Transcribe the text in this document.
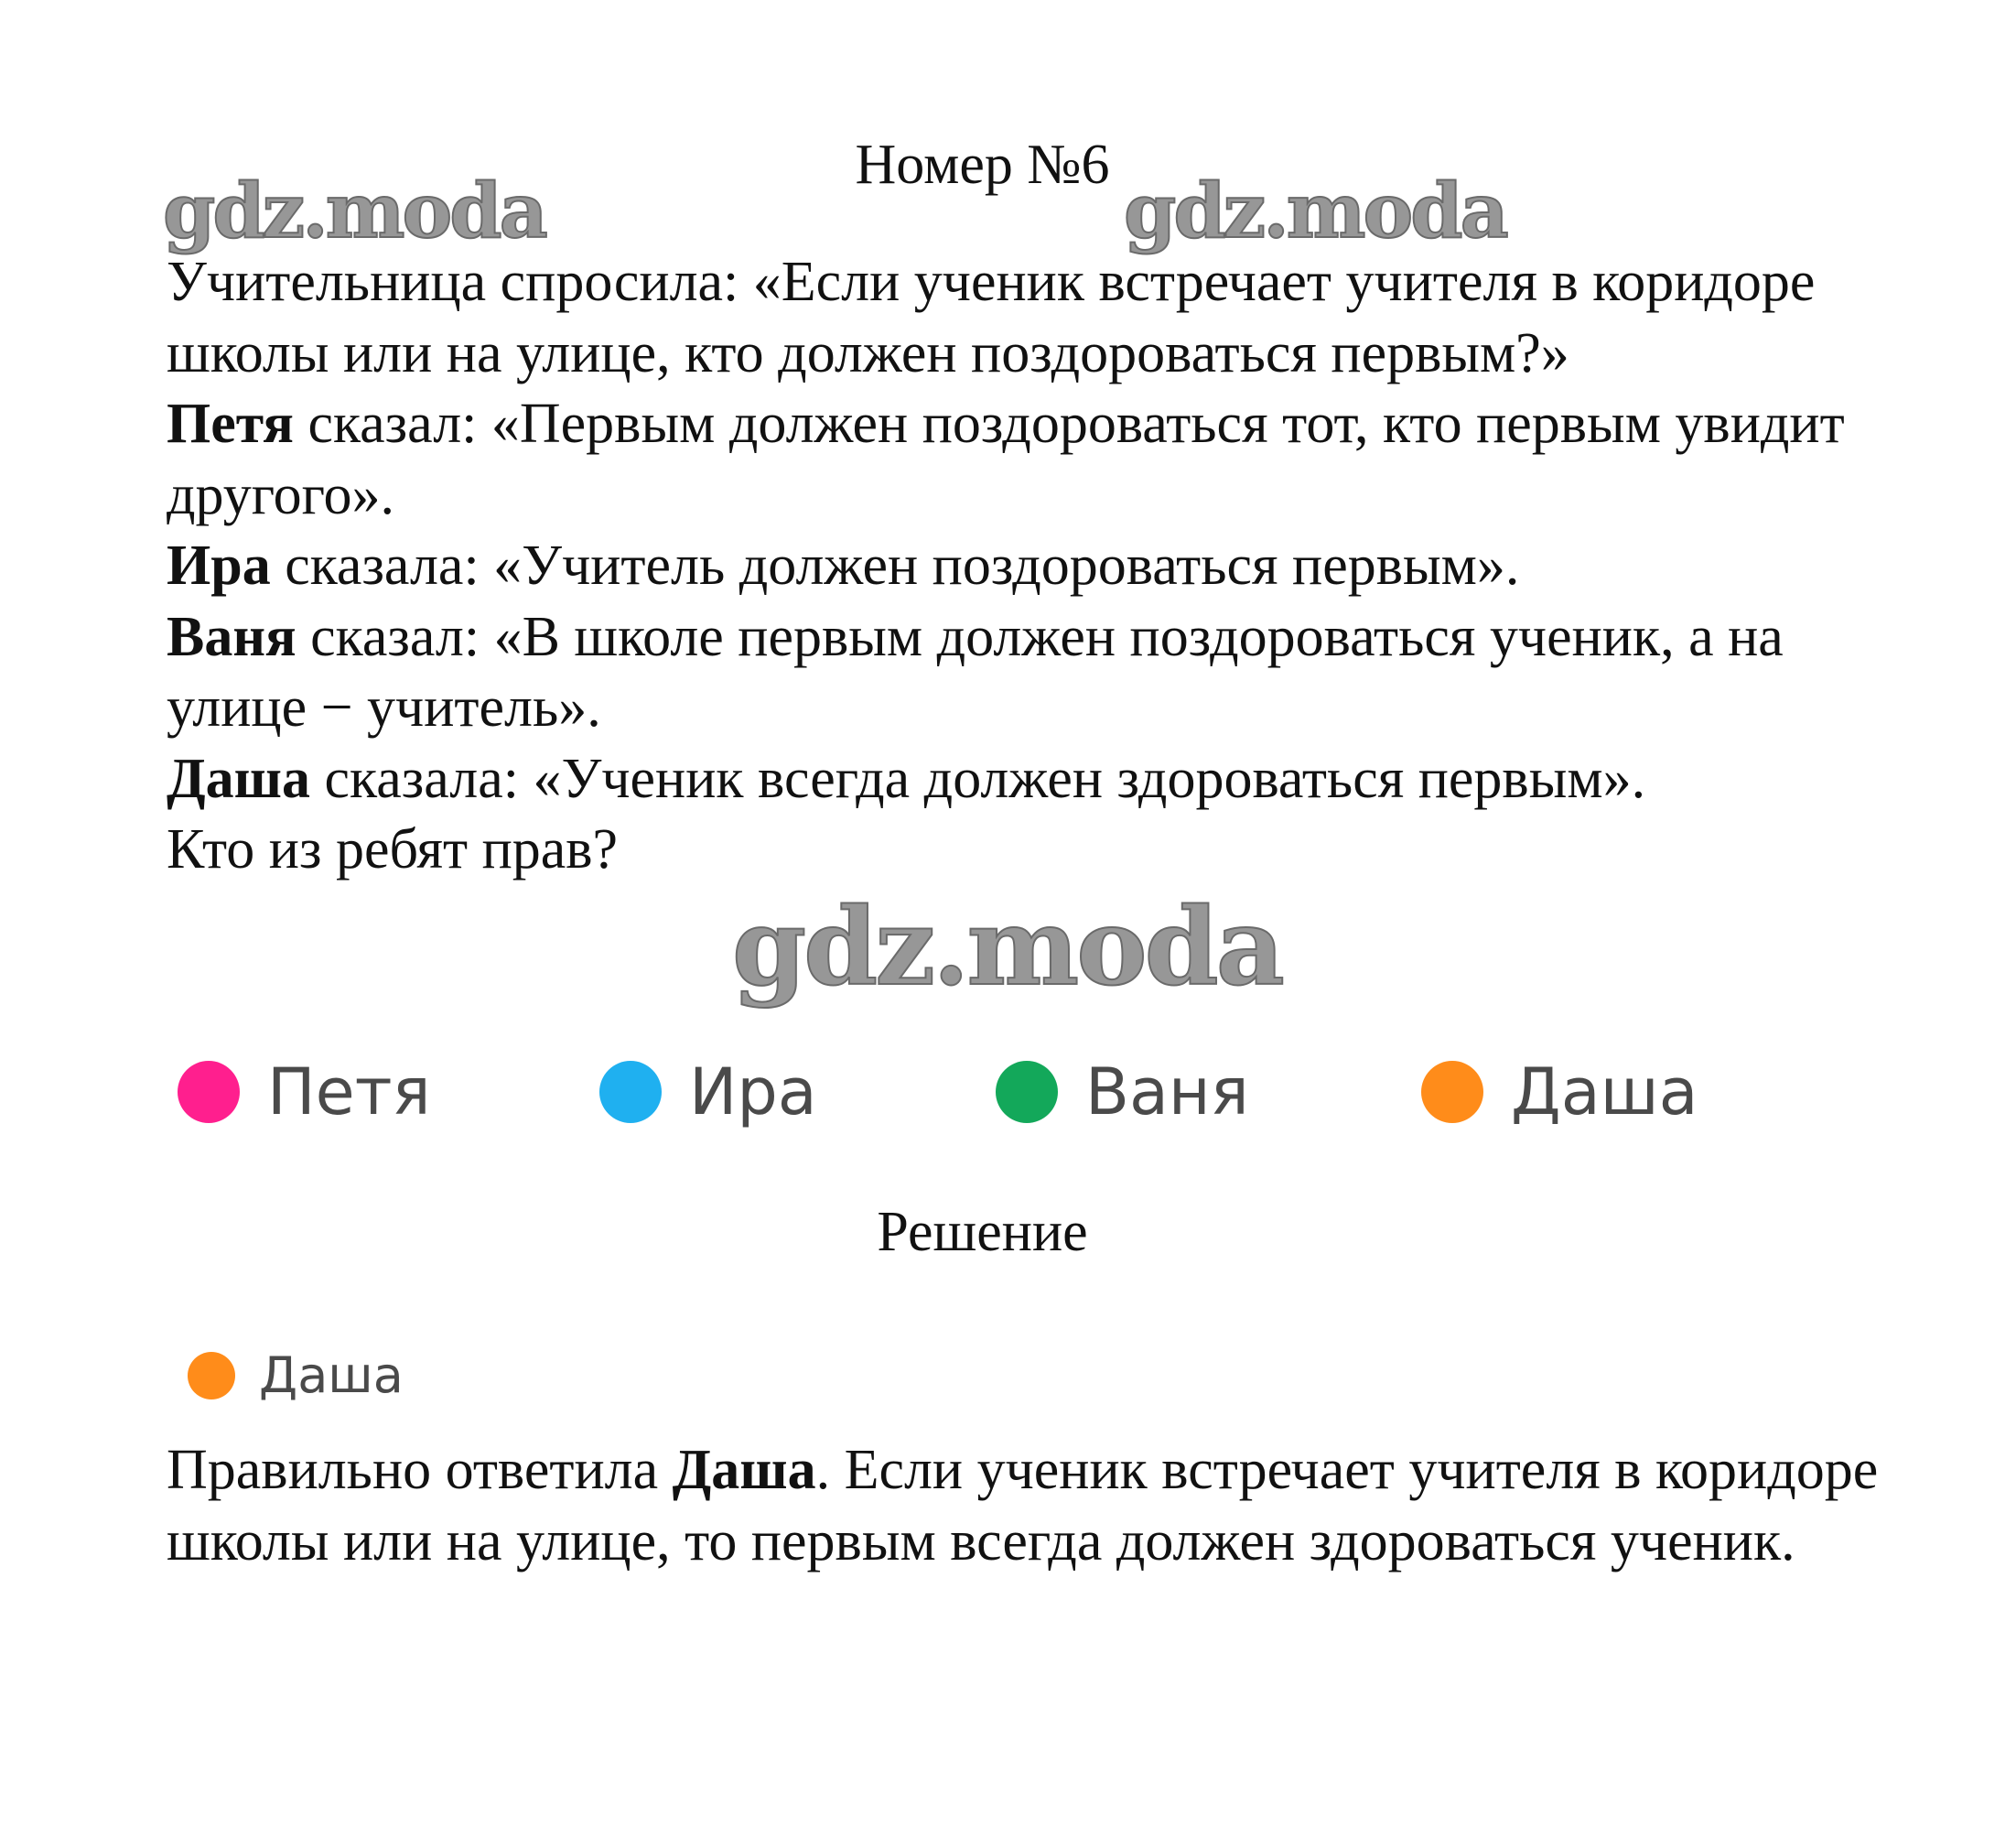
Номер №6
gdz.moda	gdz.moda

Учительница спросила: «Если ученик встречает учителя в коридоре школы или на улице, кто должен поздороваться первым?»

Петя сказал: «Первым должен поздороваться тот, кто первым увидит другого».

Ира сказала: «Учитель должен поздороваться первым».

Ваня сказал: «В школе первым должен поздороваться ученик, а на улице − учитель».

Даша сказала: «Ученик всегда должен здороваться первым».

Кто из ребят прав?

gdz.moda
Петя	Ира	Ваня	Даша
Решение
Даша

Правильно ответила Даша. Если ученик встречает учителя в коридоре школы или на улице, то первым всегда должен здороваться ученик.
